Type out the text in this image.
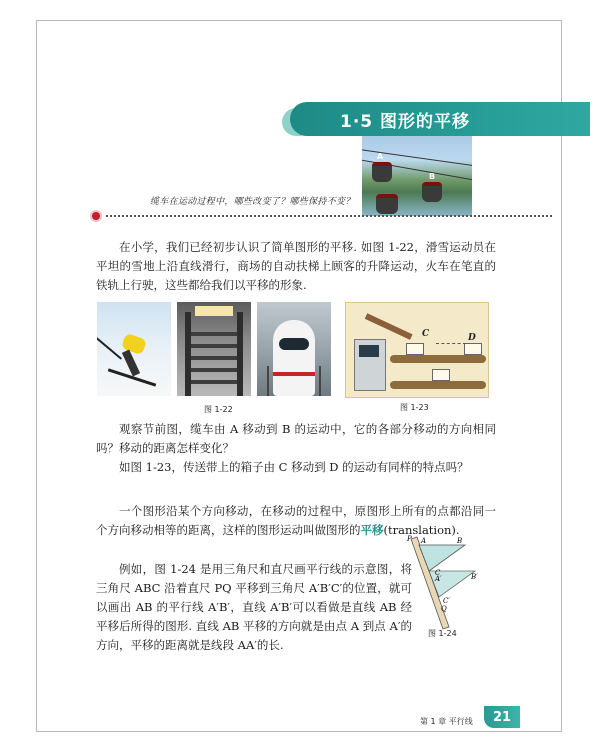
1·5 图形的平移
A
B
缆车在运动过程中，哪些改变了？哪些保持不变？
在小学，我们已经初步认识了简单图形的平移. 如图 1-22，滑雪运动员在平坦的雪地上沿直线滑行，商场的自动扶梯上顾客的升降运动，火车在笔直的铁轨上行驶，这些都给我们以平移的形象.
C	D
图 1-22	图 1-23
观察节前图，缆车由 A 移动到 B 的运动中，它的各部分移动的方向相同吗？移动的距离怎样变化？
如图 1-23，传送带上的箱子由 C 移动到 D 的运动有同样的特点吗？
一个图形沿某个方向移动，在移动的过程中，原图形上所有的点都沿同一个方向移动相等的距离，这样的图形运动叫做图形的平移(translation).
例如，图 1-24 是用三角尺和直尺画平行线的示意图，将三角尺 ABC 沿着直尺 PQ 平移到三角尺 A′B′C′的位置，就可以画出 AB 的平行线 A′B′，直线 A′B′可以看做是直线 AB 经平移后所得的图形. 直线 AB 平移的方向就是由点 A 到点 A′的方向，平移的距离就是线段 AA′的长.
P A	B
C
A′	B′
C′
Q
图 1-24
第 1 章 平行线 21
